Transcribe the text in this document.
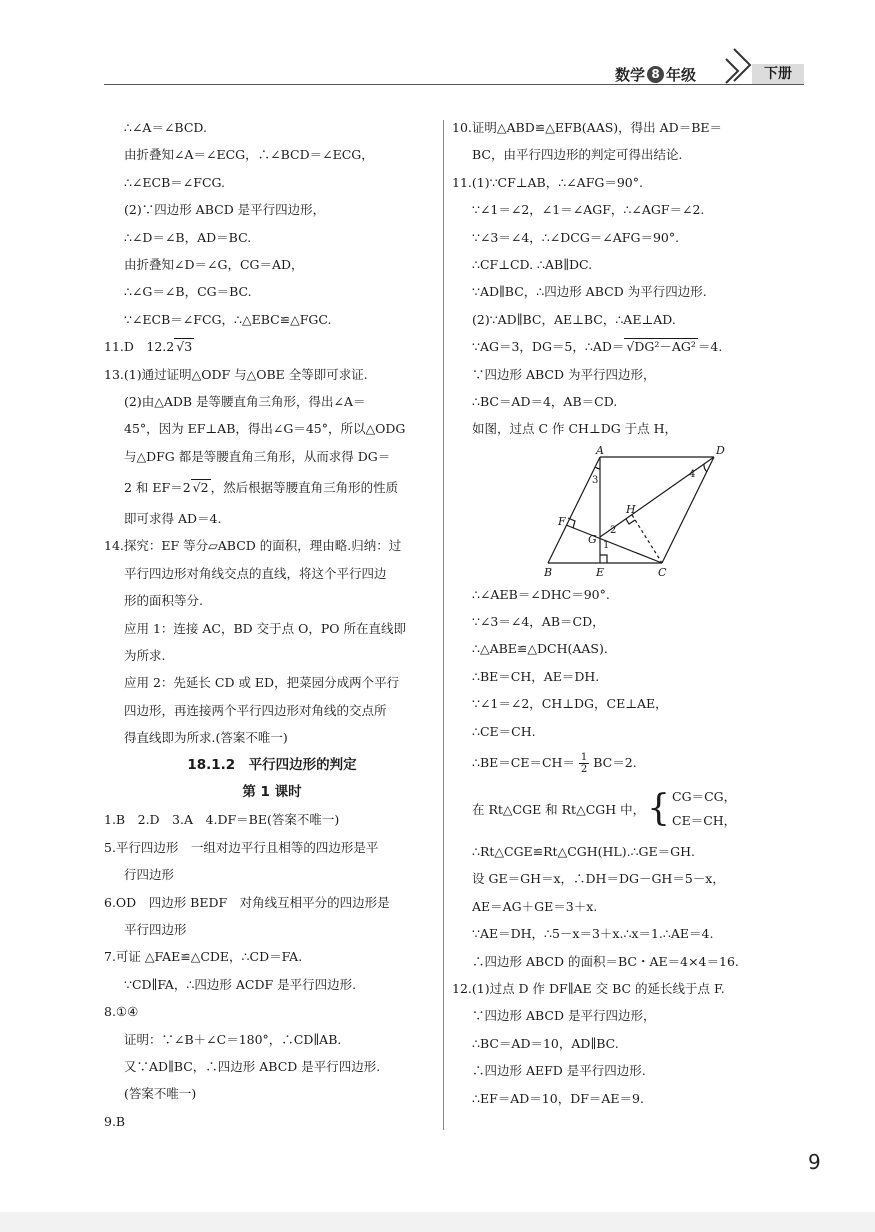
数学 8 年级	下册
∴∠A＝∠BCD.
由折叠知∠A＝∠ECG，∴∠BCD＝∠ECG，
∴∠ECB＝∠FCG.
(2)∵四边形 ABCD 是平行四边形，
∴∠D＝∠B，AD＝BC.
由折叠知∠D＝∠G，CG＝AD，
∴∠G＝∠B，CG＝BC.
∵∠ECB＝∠FCG，∴△EBC≌△FGC.
11.D　12.2 √3
13.(1)通过证明△ODF 与△OBE 全等即可求证.
(2)由△ADB 是等腰直角三角形，得出∠A＝
45°，因为 EF⊥AB，得出∠G＝45°，所以△ODG
与△DFG 都是等腰直角三角形，从而求得 DG＝
2 和 EF＝2 √2 ，然后根据等腰直角三角形的性质
即可求得 AD＝4.
14.探究：EF 等分▱ABCD 的面积，理由略.归纳：过
平行四边形对角线交点的直线，将这个平行四边
形的面积等分.
应用 1：连接 AC，BD 交于点 O，PO 所在直线即
为所求.
应用 2：先延长 CD 或 ED，把菜园分成两个平行
四边形，再连接两个平行四边形对角线的交点所
得直线即为所求.(答案不唯一)
18.1.2　平行四边形的判定
第 1 课时
1.B　2.D　3.A　4.DF＝BE(答案不唯一)
5.平行四边形　一组对边平行且相等的四边形是平
行四边形
6.OD　四边形 BEDF　对角线互相平分的四边形是
平行四边形
7.可证 △FAE≌△CDE，∴CD＝FA.
∵CD∥FA，∴四边形 ACDF 是平行四边形.
8.①④
证明：∵∠B＋∠C＝180°，∴CD∥AB.
又∵AD∥BC，∴四边形 ABCD 是平行四边形.
(答案不唯一)
9.B
10.证明△ABD≌△EFB(AAS)，得出 AD＝BE＝
BC，由平行四边形的判定可得出结论.
11.(1)∵CF⊥AB，∴∠AFG＝90°.
∵∠1＝∠2，∠1＝∠AGF，∴∠AGF＝∠2.
∵∠3＝∠4，∴∠DCG＝∠AFG＝90°.
∴CF⊥CD. ∴AB∥DC.
∵AD∥BC，∴四边形 ABCD 为平行四边形.
(2)∵AD∥BC，AE⊥BC，∴AE⊥AD.
∵AG＝3，DG＝5，∴AD＝ √DG²－AG² ＝4.
∵四边形 ABCD 为平行四边形，
∴BC＝AD＝4，AB＝CD.
如图，过点 C 作 CH⊥DG 于点 H，
A	D
B	E	C
F
G
H
1
2
3
4
∴∠AEB＝∠DHC＝90°.
∵∠3＝∠4，AB＝CD，
∴△ABE≌△DCH(AAS).
∴BE＝CH，AE＝DH.
∵∠1＝∠2，CH⊥DG，CE⊥AE，
∴CE＝CH.
∴BE＝CE＝CH＝ $\frac{1}{2} BC=2$.
在 Rt△CGE 和 Rt△CGH 中， { CG＝CG，
CE＝CH，
∴Rt△CGE≌Rt△CGH(HL).∴GE＝GH.
设 GE＝GH＝x，∴DH＝DG－GH＝5－x，
AE＝AG＋GE＝3＋x.
∵AE＝DH，∴5－x＝3＋x.∴x＝1.∴AE＝4.
∴四边形 ABCD 的面积＝BC・AE＝4×4＝16.
12.(1)过点 D 作 DF∥AE 交 BC 的延长线于点 F.
∵四边形 ABCD 是平行四边形，
∴BC＝AD＝10，AD∥BC.
∴四边形 AEFD 是平行四边形.
∴EF＝AD＝10，DF＝AE＝9.
9
